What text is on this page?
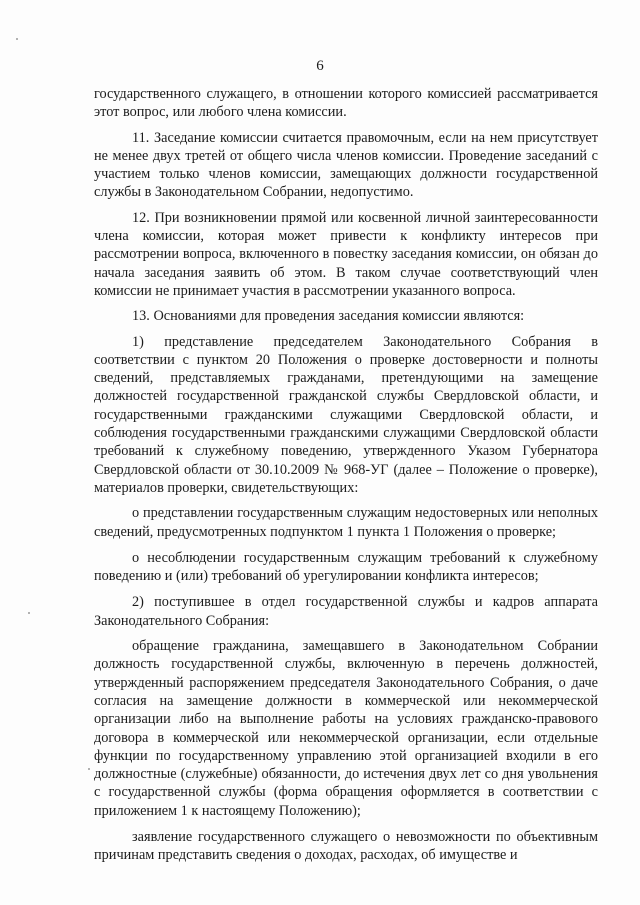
6

государственного служащего, в отношении которого комиссией рассматривается этот вопрос, или любого члена комиссии.

11. Заседание комиссии считается правомочным, если на нем присутствует не менее двух третей от общего числа членов комиссии. Проведение заседаний с участием только членов комиссии, замещающих должности государственной службы в Законодательном Собрании, недопустимо.

12. При возникновении прямой или косвенной личной заинтересованности члена комиссии, которая может привести к конфликту интересов при рассмотрении вопроса, включенного в повестку заседания комиссии, он обязан до начала заседания заявить об этом. В таком случае соответствующий член комиссии не принимает участия в рассмотрении указанного вопроса.

13. Основаниями для проведения заседания комиссии являются:

1) представление председателем Законодательного Собрания в соответствии с пунктом 20 Положения о проверке достоверности и полноты сведений, представляемых гражданами, претендующими на замещение должностей государственной гражданской службы Свердловской области, и государственными гражданскими служащими Свердловской области, и соблюдения государственными гражданскими служащими Свердловской области требований к служебному поведению, утвержденного Указом Губернатора Свердловской области от 30.10.2009 № 968-УГ (далее – Положение о проверке), материалов проверки, свидетельствующих:

о представлении государственным служащим недостоверных или неполных сведений, предусмотренных подпунктом 1 пункта 1 Положения о проверке;

о несоблюдении государственным служащим требований к служебному поведению и (или) требований об урегулировании конфликта интересов;

2) поступившее в отдел государственной службы и кадров аппарата Законодательного Собрания:

обращение гражданина, замещавшего в Законодательном Собрании должность государственной службы, включенную в перечень должностей, утвержденный распоряжением председателя Законодательного Собрания, о даче согласия на замещение должности в коммерческой или некоммерческой организации либо на выполнение работы на условиях гражданско-правового договора в коммерческой или некоммерческой организации, если отдельные функции по государственному управлению этой организацией входили в его должностные (служебные) обязанности, до истечения двух лет со дня увольнения с государственной службы (форма обращения оформляется в соответствии с приложением 1 к настоящему Положению);

заявление государственного служащего о невозможности по объективным причинам представить сведения о доходах, расходах, об имуществе и
